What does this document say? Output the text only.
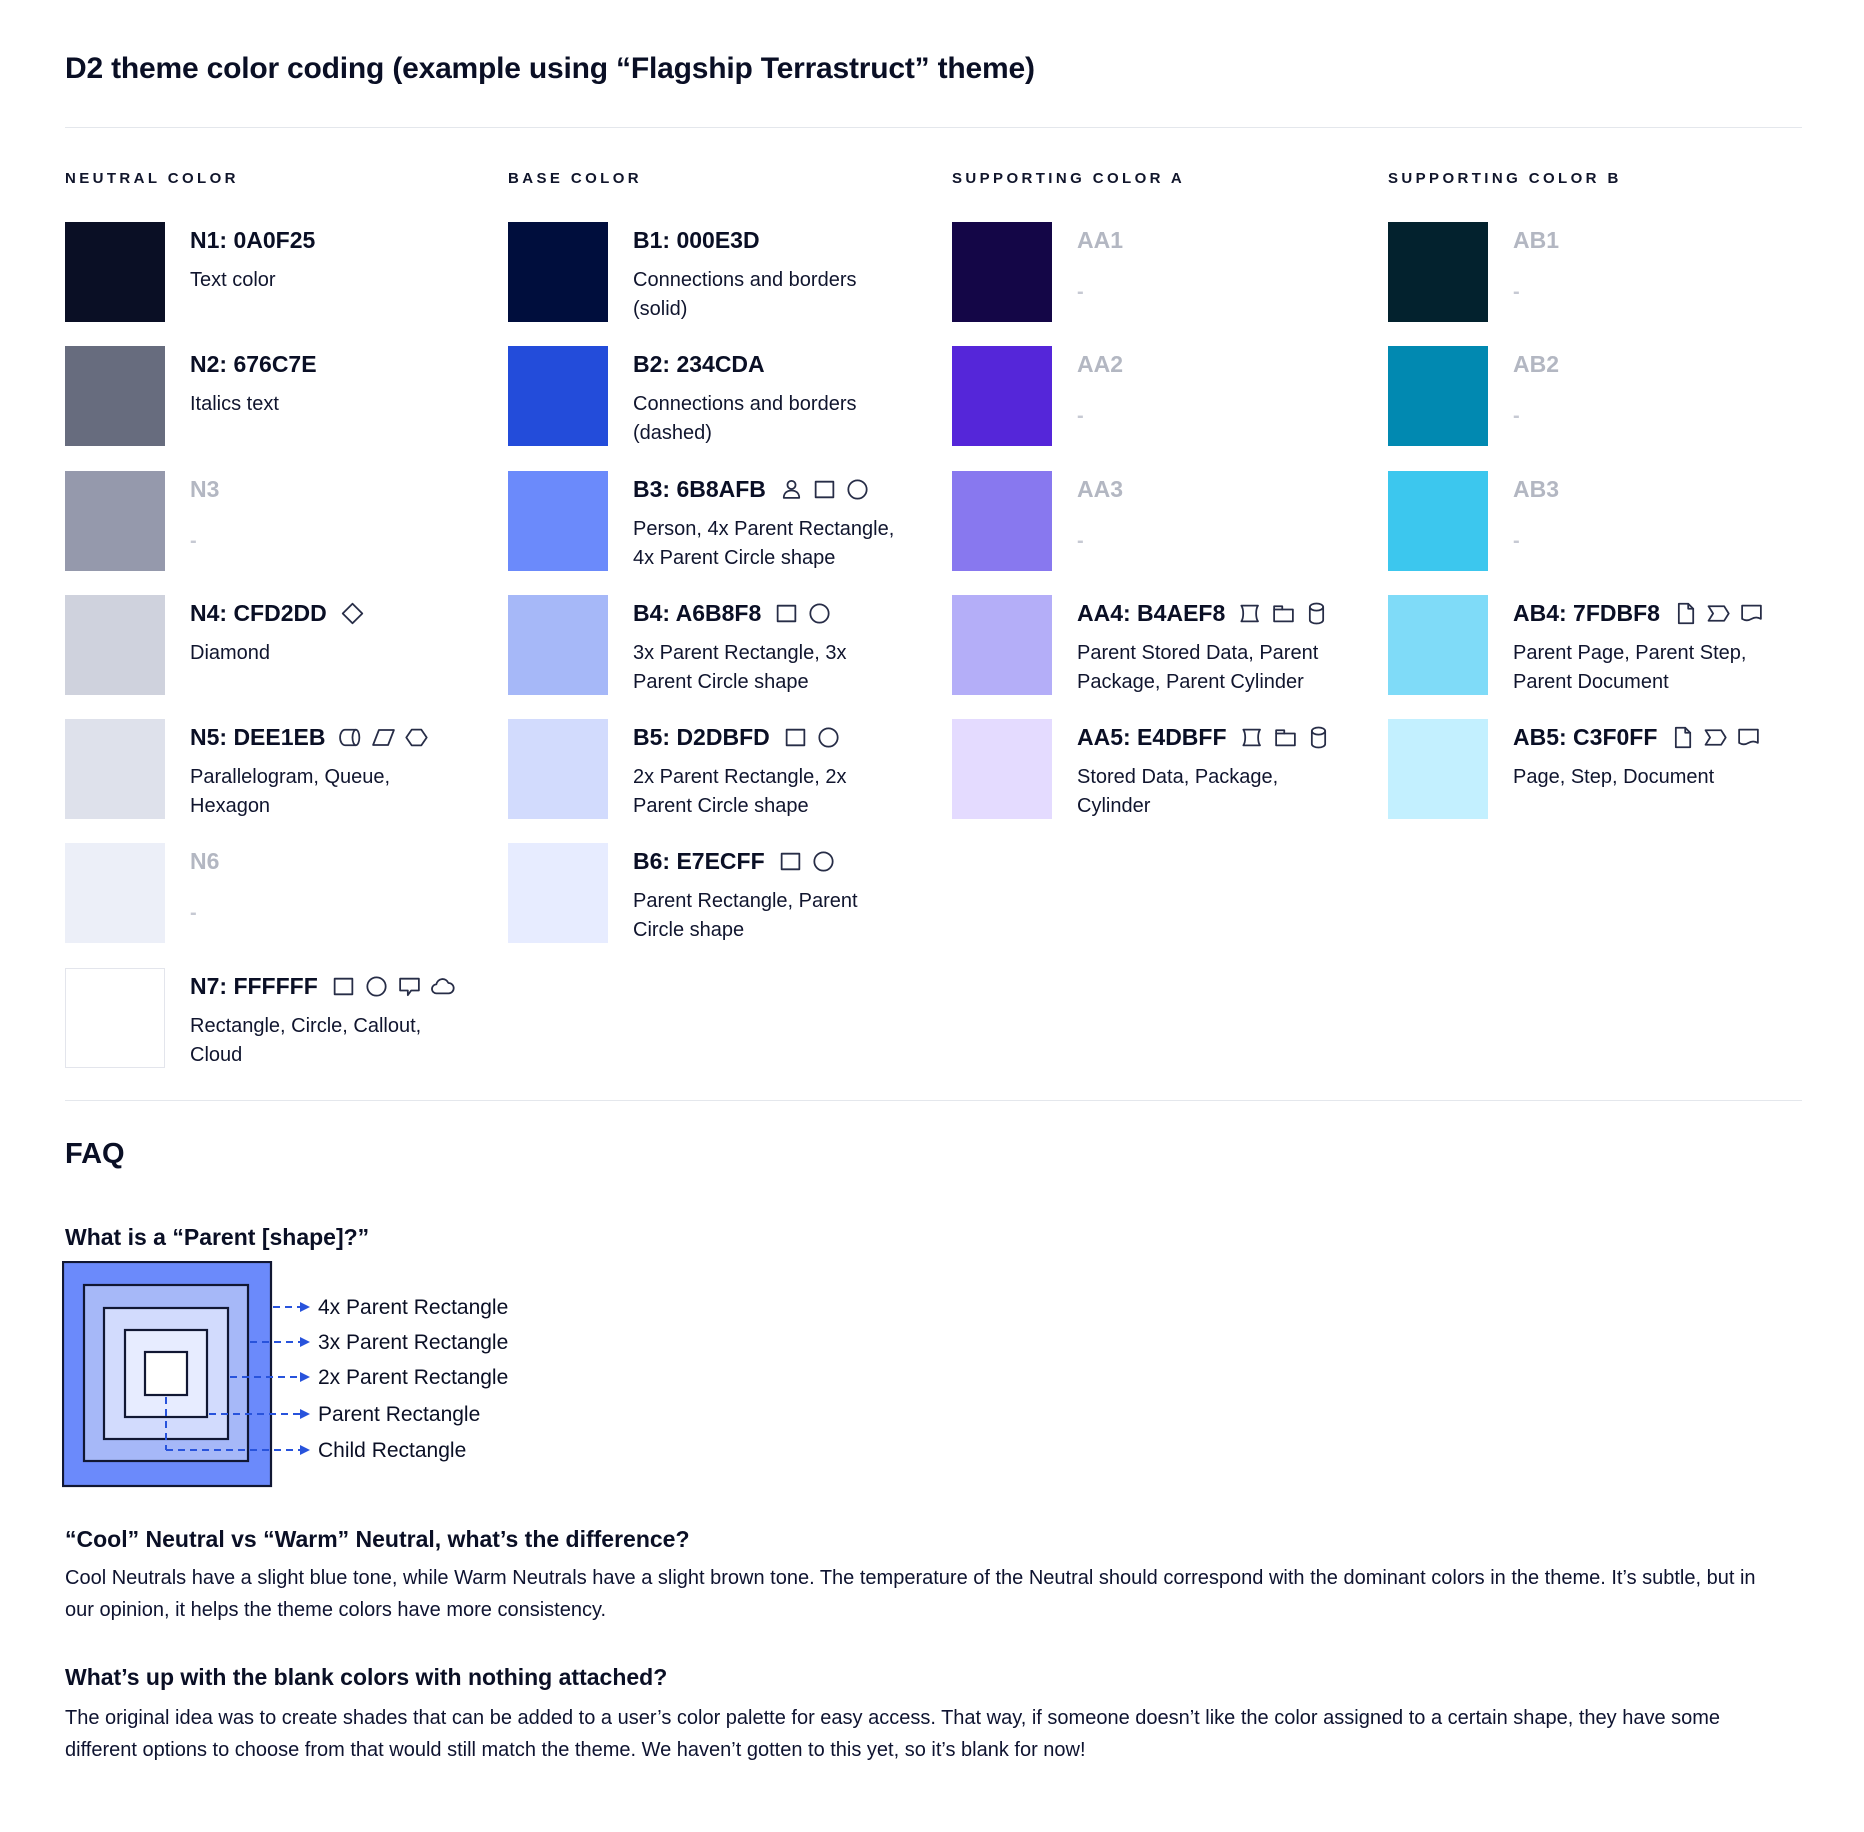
D2 theme color coding (example using “Flagship Terrastruct” theme)
NEUTRAL COLOR
N1: 0A0F25
Text color
N2: 676C7E
Italics text
N3
-
N4: CFD2DD
Diamond
N5: DEE1EB
Parallelogram, Queue, Hexagon
N6
-
N7: FFFFFF
Rectangle, Circle, Callout, Cloud
BASE COLOR
B1: 000E3D
Connections and borders (solid)
B2: 234CDA
Connections and borders (dashed)
B3: 6B8AFB
Person, 4x Parent Rectangle, 4x Parent Circle shape
B4: A6B8F8
3x Parent Rectangle, 3x Parent Circle shape
B5: D2DBFD
2x Parent Rectangle, 2x Parent Circle shape
B6: E7ECFF
Parent Rectangle, Parent Circle shape
SUPPORTING COLOR A
AA1
-
AA2
-
AA3
-
AA4: B4AEF8
Parent Stored Data, Parent Package, Parent Cylinder
AA5: E4DBFF
Stored Data, Package, Cylinder
SUPPORTING COLOR B
AB1
-
AB2
-
AB3
-
AB4: 7FDBF8
Parent Page, Parent Step, Parent Document
AB5: C3F0FF
Page, Step, Document
FAQ
What is a “Parent [shape]?”
4x Parent Rectangle
3x Parent Rectangle
2x Parent Rectangle
Parent Rectangle
Child Rectangle
“Cool” Neutral vs “Warm” Neutral, what’s the difference?
Cool Neutrals have a slight blue tone, while Warm Neutrals have a slight brown tone. The temperature of the Neutral should correspond with the dominant colors in the theme. It’s subtle, but in our opinion, it helps the theme colors have more consistency.
What’s up with the blank colors with nothing attached?
The original idea was to create shades that can be added to a user’s color palette for easy access. That way, if someone doesn’t like the color assigned to a certain shape, they have some different options to choose from that would still match the theme. We haven’t gotten to this yet, so it’s blank for now!
